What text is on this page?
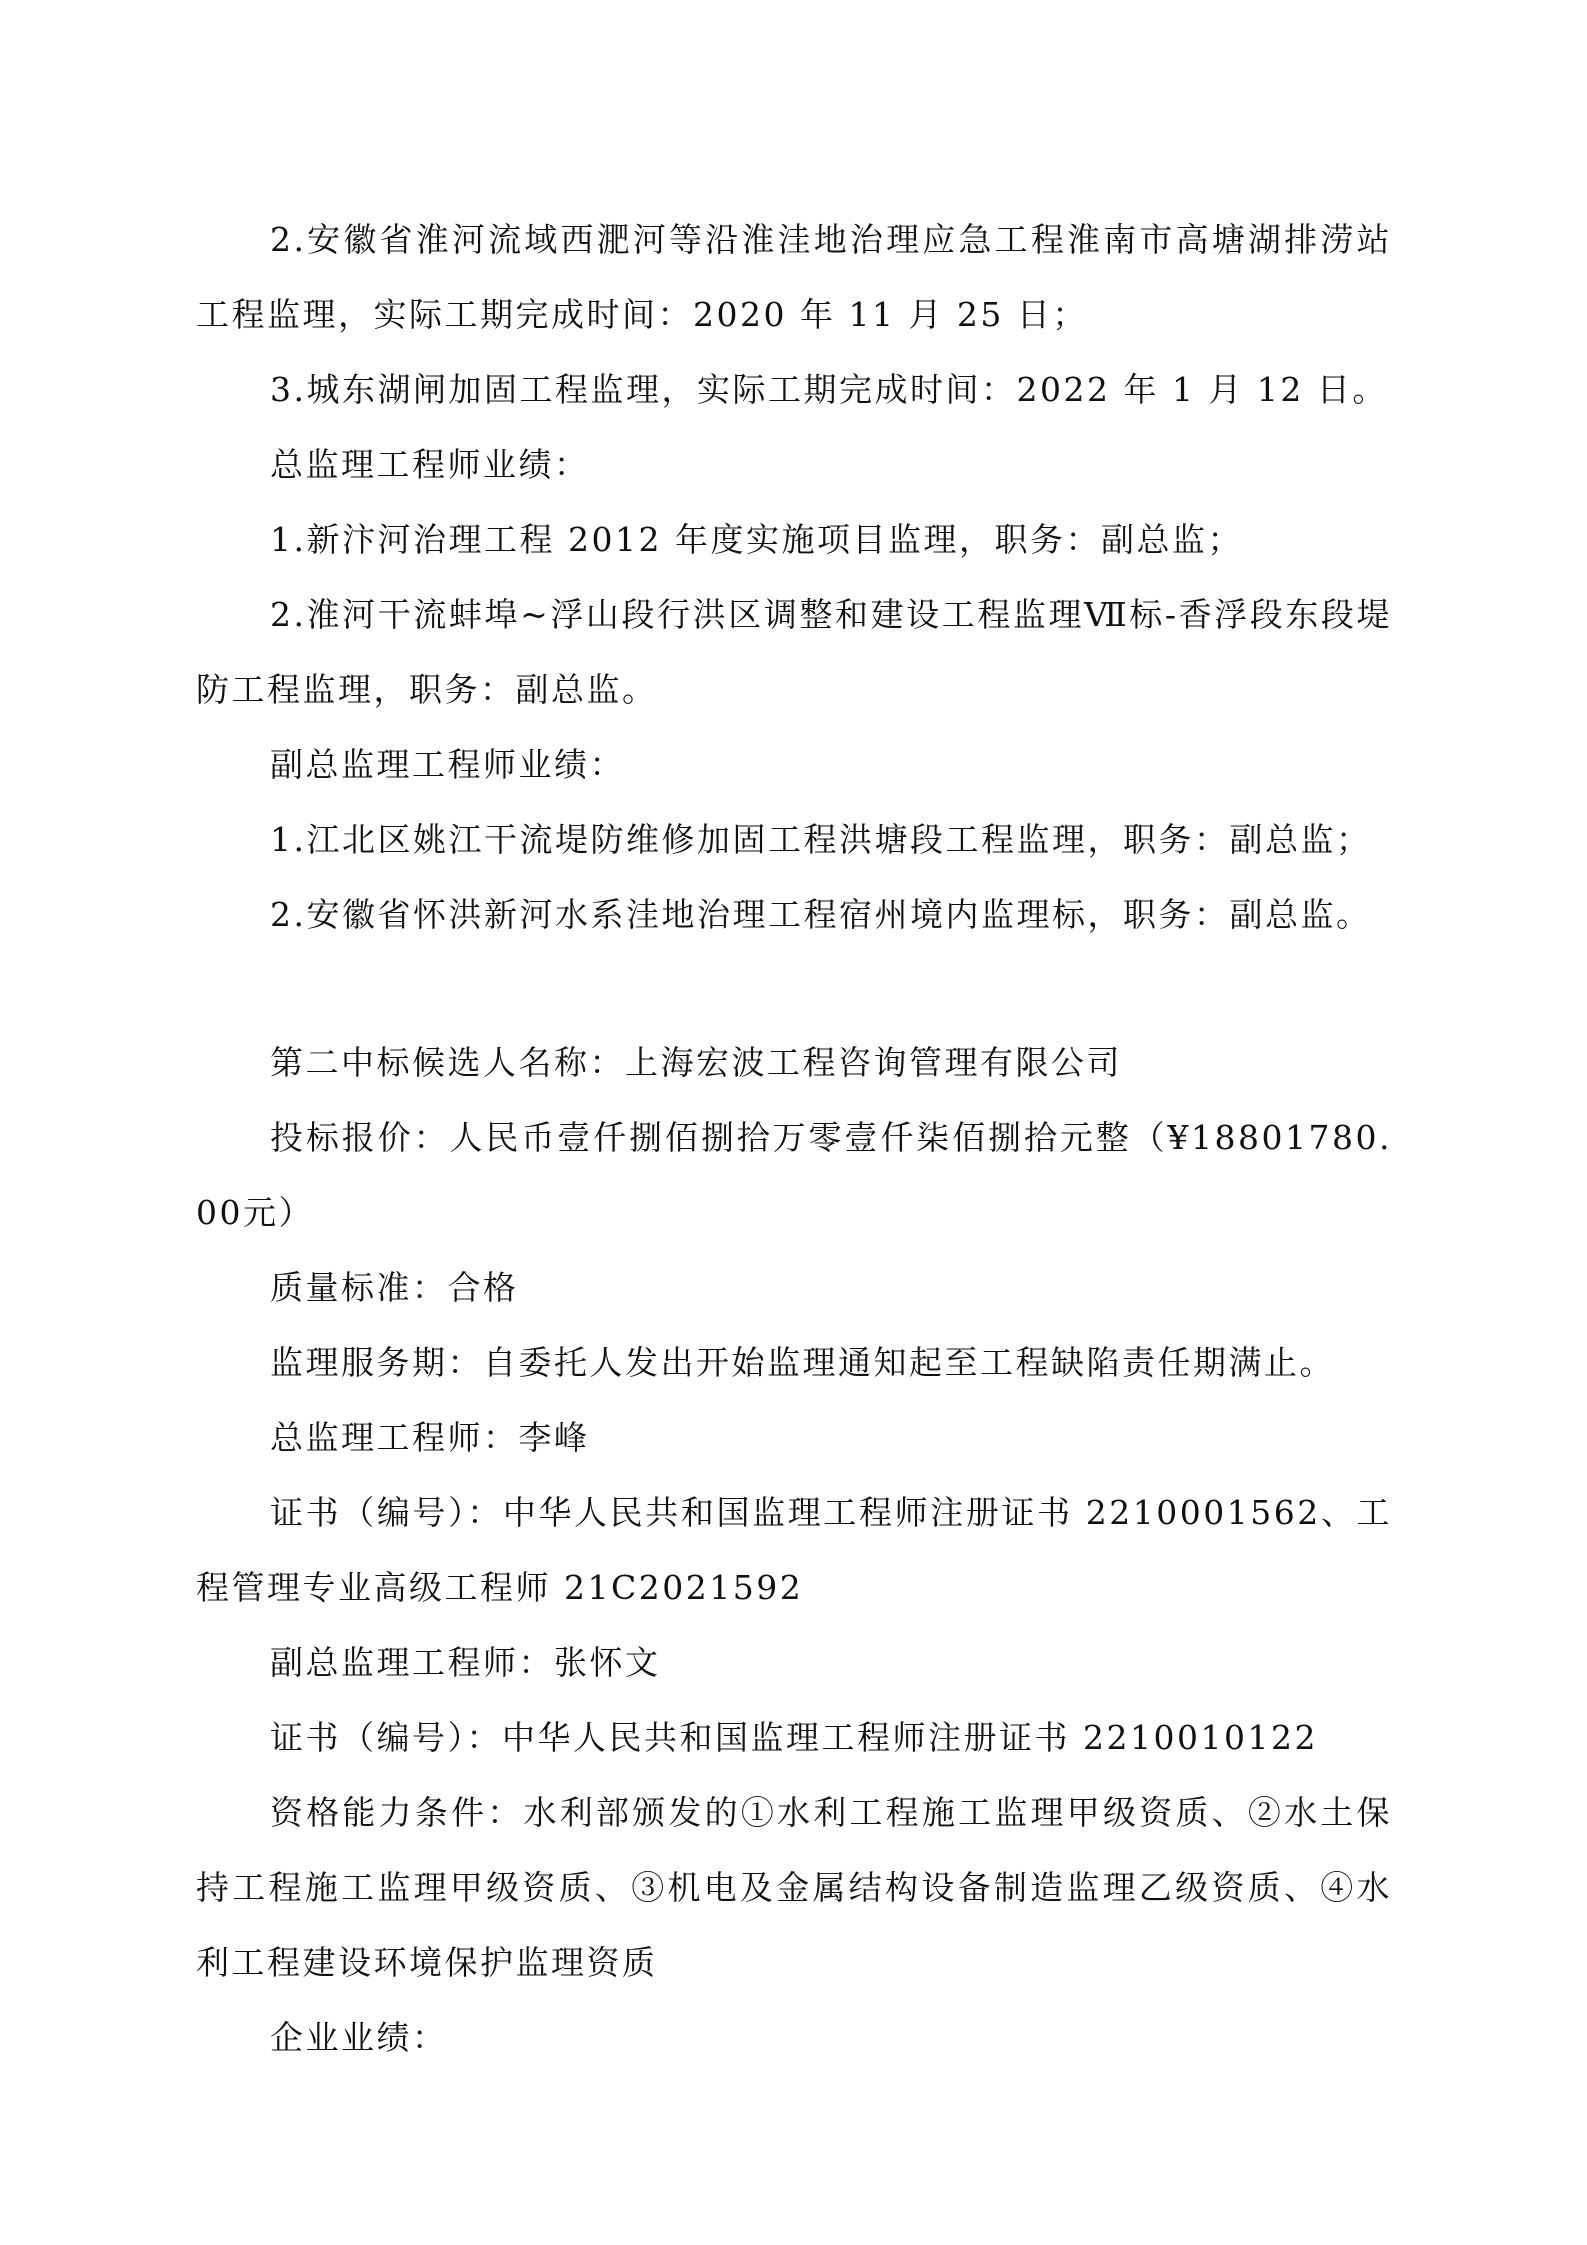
2.安徽省淮河流域西淝河等沿淮洼地治理应急工程淮南市高塘湖排涝站工程监理，实际工期完成时间：2020 年 11 月 25 日；

3.城东湖闸加固工程监理，实际工期完成时间：2022 年 1 月 12 日。

总监理工程师业绩：

1.新汴河治理工程 2012 年度实施项目监理，职务：副总监；

2.淮河干流蚌埠~浮山段行洪区调整和建设工程监理Ⅶ标-香浮段东段堤防工程监理，职务：副总监。

副总监理工程师业绩：

1.江北区姚江干流堤防维修加固工程洪塘段工程监理，职务：副总监；

2.安徽省怀洪新河水系洼地治理工程宿州境内监理标，职务：副总监。

第二中标候选人名称：上海宏波工程咨询管理有限公司

投标报价：人民币壹仟捌佰捌拾万零壹仟柒佰捌拾元整（¥18801780.00元）

质量标准：合格

监理服务期：自委托人发出开始监理通知起至工程缺陷责任期满止。

总监理工程师：李峰

证书（编号）：中华人民共和国监理工程师注册证书 2210001562、工程管理专业高级工程师 21C2021592

副总监理工程师：张怀文

证书（编号）：中华人民共和国监理工程师注册证书 2210010122

资格能力条件：水利部颁发的①水利工程施工监理甲级资质、②水土保持工程施工监理甲级资质、③机电及金属结构设备制造监理乙级资质、④水利工程建设环境保护监理资质

企业业绩：
